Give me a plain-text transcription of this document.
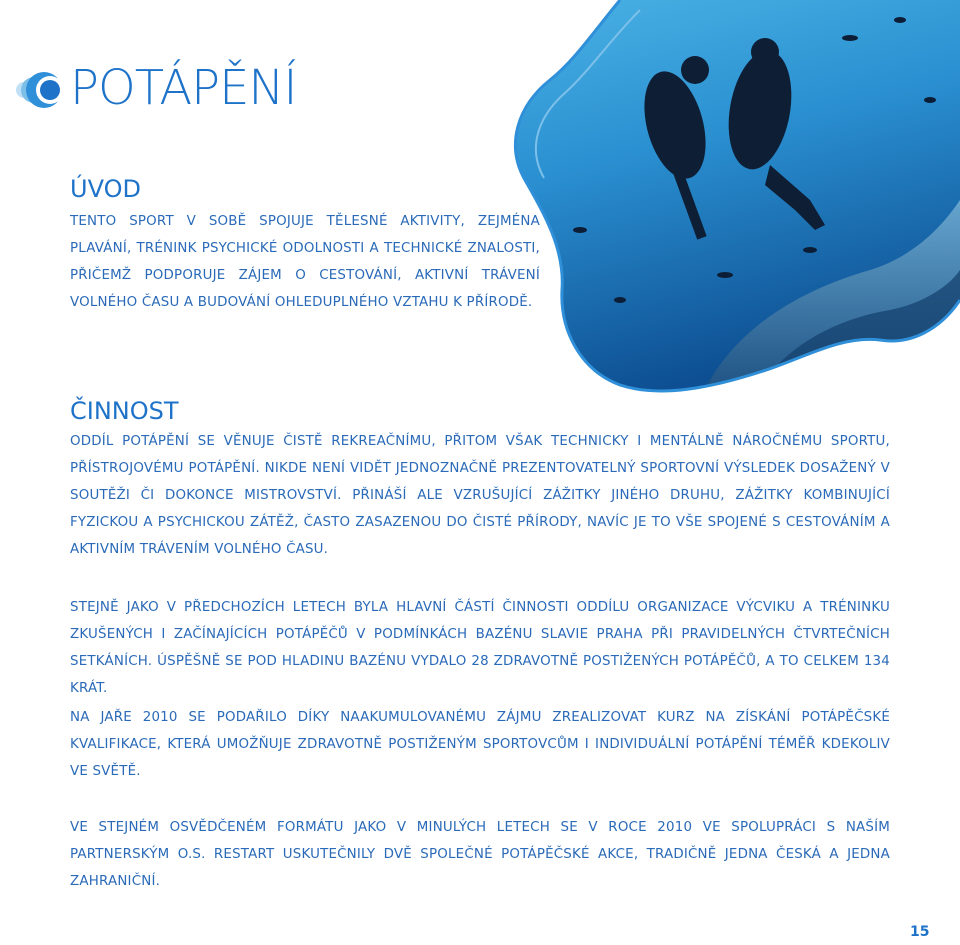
POTÁPĚNÍ
ÚVOD

TENTO SPORT V SOBĚ SPOJUJE TĚLESNÉ AKTIVITY, ZEJMÉNA PLAVÁNÍ, TRÉNINK PSYCHICKÉ ODOLNOSTI A TECHNICKÉ ZNALOSTI, PŘIČEMŽ PODPORUJE ZÁJEM O CESTOVÁNÍ, AKTIVNÍ TRÁVENÍ VOLNÉHO ČASU A BUDOVÁNÍ OHLEDUPLNÉHO VZTAHU K PŘÍRODĚ.

ČINNOST

ODDÍL POTÁPĚNÍ SE VĚNUJE ČISTĚ REKREAČNÍMU, PŘITOM VŠAK TECHNICKY I MENTÁLNĚ NÁROČNÉMU SPORTU, PŘÍSTROJOVÉMU POTÁPĚNÍ. NIKDE NENÍ VIDĚT JEDNOZNAČNĚ PREZENTOVATELNÝ SPORTOVNÍ VÝSLEDEK DOSAŽENÝ V SOUTĚŽI ČI DOKONCE MISTROVSTVÍ. PŘINÁŠÍ ALE VZRUŠUJÍCÍ ZÁŽITKY JINÉHO DRUHU, ZÁŽITKY KOMBINUJÍCÍ FYZICKOU A PSYCHICKOU ZÁTĚŽ, ČASTO ZASAZENOU DO ČISTÉ PŘÍRODY, NAVÍC JE TO VŠE SPOJENÉ S CESTOVÁNÍM A AKTIVNÍM TRÁVENÍM VOLNÉHO ČASU.

STEJNĚ JAKO V PŘEDCHOZÍCH LETECH BYLA HLAVNÍ ČÁSTÍ ČINNOSTI ODDÍLU ORGANIZACE VÝCVIKU A TRÉNINKU ZKUŠENÝCH I ZAČÍNAJÍCÍCH POTÁPĚČŮ V PODMÍNKÁCH BAZÉNU SLAVIE PRAHA PŘI PRAVIDELNÝCH ČTVRTEČNÍCH SETKÁNÍCH. ÚSPĚŠNĚ SE POD HLADINU BAZÉNU VYDALO 28 ZDRAVOTNĚ POSTIŽENÝCH POTÁPĚČŮ, A TO CELKEM 134 KRÁT.

NA JAŘE 2010 SE PODAŘILO DÍKY NAAKUMULOVANÉMU ZÁJMU ZREALIZOVAT KURZ NA ZÍSKÁNÍ POTÁPĚČSKÉ KVALIFIKACE, KTERÁ UMOŽŇUJE ZDRAVOTNĚ POSTIŽENÝM SPORTOVCŮM I INDIVIDUÁLNÍ POTÁPĚNÍ TÉMĚŘ KDEKOLIV VE SVĚTĚ.

VE STEJNÉM OSVĚDČENÉM FORMÁTU JAKO V MINULÝCH LETECH SE V ROCE 2010 VE SPOLUPRÁCI S NAŠÍM PARTNERSKÝM O.S. RESTART USKUTEČNILY DVĚ SPOLEČNÉ POTÁPĚČSKÉ AKCE, TRADIČNĚ JEDNA ČESKÁ A JEDNA ZAHRANIČNÍ.

15
